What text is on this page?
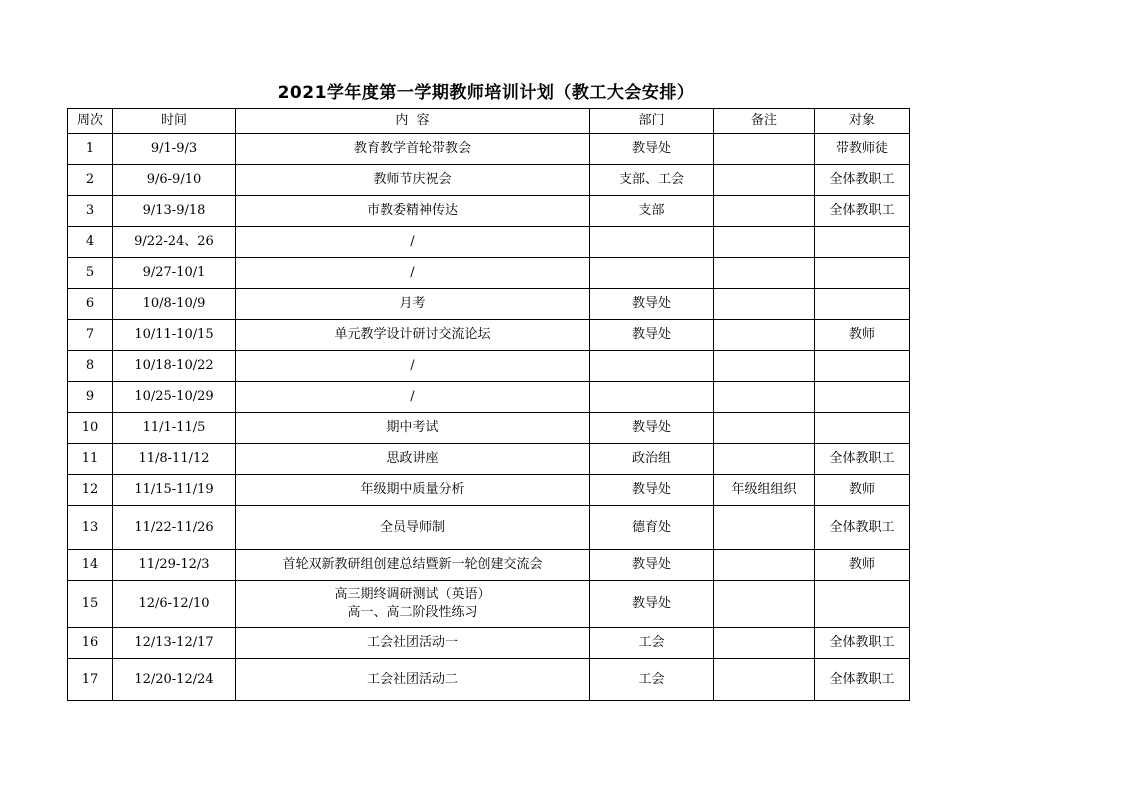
2021学年度第一学期教师培训计划（教工大会安排）
周次	时间	内  容	部门	备注	对象
1	9/1-9/3	教育教学首轮带教会	教导处		带教师徒
2	9/6-9/10	教师节庆祝会	支部、工会		全体教职工
3	9/13-9/18	市教委精神传达	支部		全体教职工
4	9/22-24、26	/			
5	9/27-10/1	/			
6	10/8-10/9	月考	教导处		
7	10/11-10/15	单元教学设计研讨交流论坛	教导处		教师
8	10/18-10/22	/			
9	10/25-10/29	/			
10	11/1-11/5	期中考试	教导处		
11	11/8-11/12	思政讲座	政治组		全体教职工
12	11/15-11/19	年级期中质量分析	教导处	年级组组织	教师
13	11/22-11/26	全员导师制	德育处		全体教职工
14	11/29-12/3	首轮双新教研组创建总结暨新一轮创建交流会	教导处		教师
15	12/6-12/10	高三期终调研测试（英语）
高一、高二阶段性练习	教导处		
16	12/13-12/17	工会社团活动一	工会		全体教职工
17	12/20-12/24	工会社团活动二	工会		全体教职工
